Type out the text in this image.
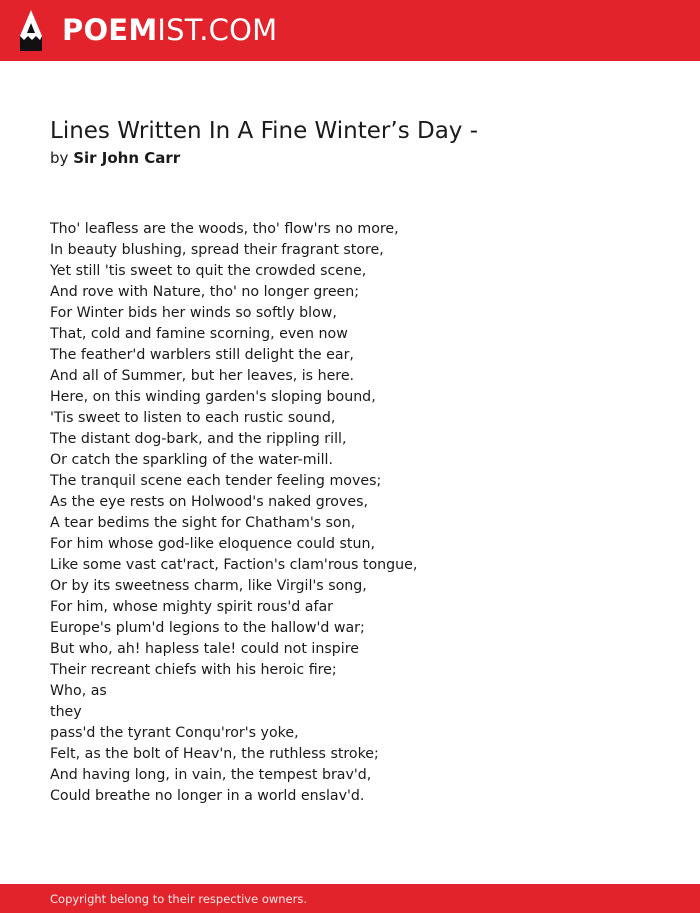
POEMIST.COM
Lines Written In A Fine Winter’s Day -
by Sir John Carr
Tho' leafless are the woods, tho' flow'rs no more,
In beauty blushing, spread their fragrant store,
Yet still 'tis sweet to quit the crowded scene,
And rove with Nature, tho' no longer green;
For Winter bids her winds so softly blow,
That, cold and famine scorning, even now
The feather'd warblers still delight the ear,
And all of Summer, but her leaves, is here.
Here, on this winding garden's sloping bound,
'Tis sweet to listen to each rustic sound,
The distant dog-bark, and the rippling rill,
Or catch the sparkling of the water-mill.
The tranquil scene each tender feeling moves;
As the eye rests on Holwood's naked groves,
A tear bedims the sight for Chatham's son,
For him whose god-like eloquence could stun,
Like some vast cat'ract, Faction's clam'rous tongue,
Or by its sweetness charm, like Virgil's song,
For him, whose mighty spirit rous'd afar
Europe's plum'd legions to the hallow'd war;
But who, ah! hapless tale! could not inspire
Their recreant chiefs with his heroic fire;
Who, as
they
pass'd the tyrant Conqu'ror's yoke,
Felt, as the bolt of Heav'n, the ruthless stroke;
And having long, in vain, the tempest brav'd,
Could breathe no longer in a world enslav'd.
Copyright belong to their respective owners.
